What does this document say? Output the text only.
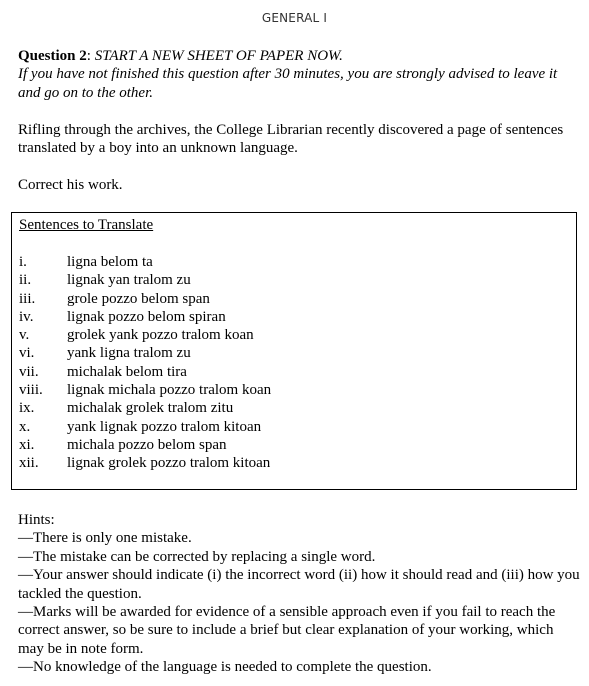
GENERAL I
Question 2: START A NEW SHEET OF PAPER NOW.
If you have not finished this question after 30 minutes, you are strongly advised to leave it and go on to the other.
Rifling through the archives, the College Librarian recently discovered a page of sentences translated by a boy into an unknown language.
Correct his work.
Sentences to Translate
i.	ligna belom ta
ii. lignak yan tralom zu
iii. grole pozzo belom span
iv. lignak pozzo belom spiran
v.	grolek yank pozzo tralom koan
vi. yank ligna tralom zu
vii. michalak belom tira
viii. lignak michala pozzo tralom koan
ix. michalak grolek tralom zitu
x. yank lignak pozzo tralom kitoan
xi. michala pozzo belom span
xii. lignak grolek pozzo tralom kitoan

Hints:

—There is only one mistake.

—The mistake can be corrected by replacing a single word.

—Your answer should indicate (i) the incorrect word (ii) how it should read and (iii) how you tackled the question.

—Marks will be awarded for evidence of a sensible approach even if you fail to reach the correct answer, so be sure to include a brief but clear explanation of your working, which may be in note form.

—No knowledge of the language is needed to complete the question.
